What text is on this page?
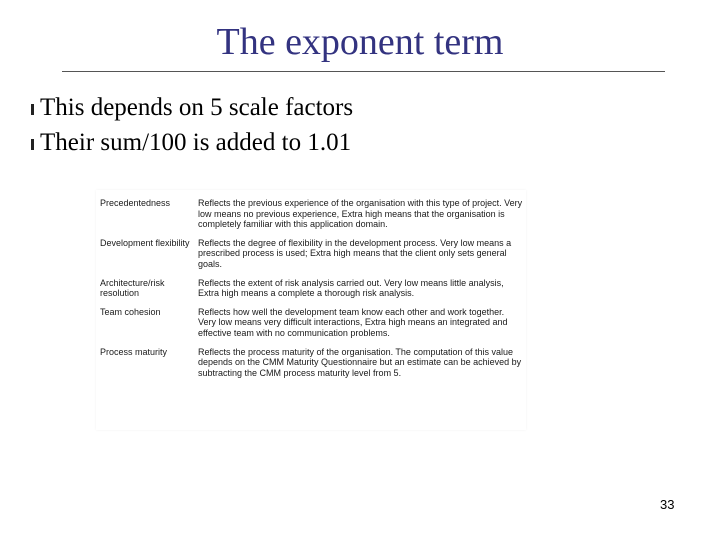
The exponent term
This depends on 5 scale factors
Their sum/100 is added to 1.01
Precedentedness	Reflects the previous experience of the organisation with this type of project. Very low means no previous experience, Extra high means that the organisation is completely familiar with this application domain.
Development flexibility	Reflects the degree of flexibility in the development process. Very low means a prescribed process is used; Extra high means that the client only sets general goals.
Architecture/risk resolution	Reflects the extent of risk analysis carried out. Very low means little analysis, Extra high means a complete a thorough risk analysis.
Team cohesion	Reflects how well the development team know each other and work together. Very low means very difficult interactions, Extra high means an integrated and effective team with no communication problems.
Process maturity	Reflects the process maturity of the organisation. The computation of this value depends on the CMM Maturity Questionnaire but an estimate can be achieved by subtracting the CMM process maturity level from 5.
33
